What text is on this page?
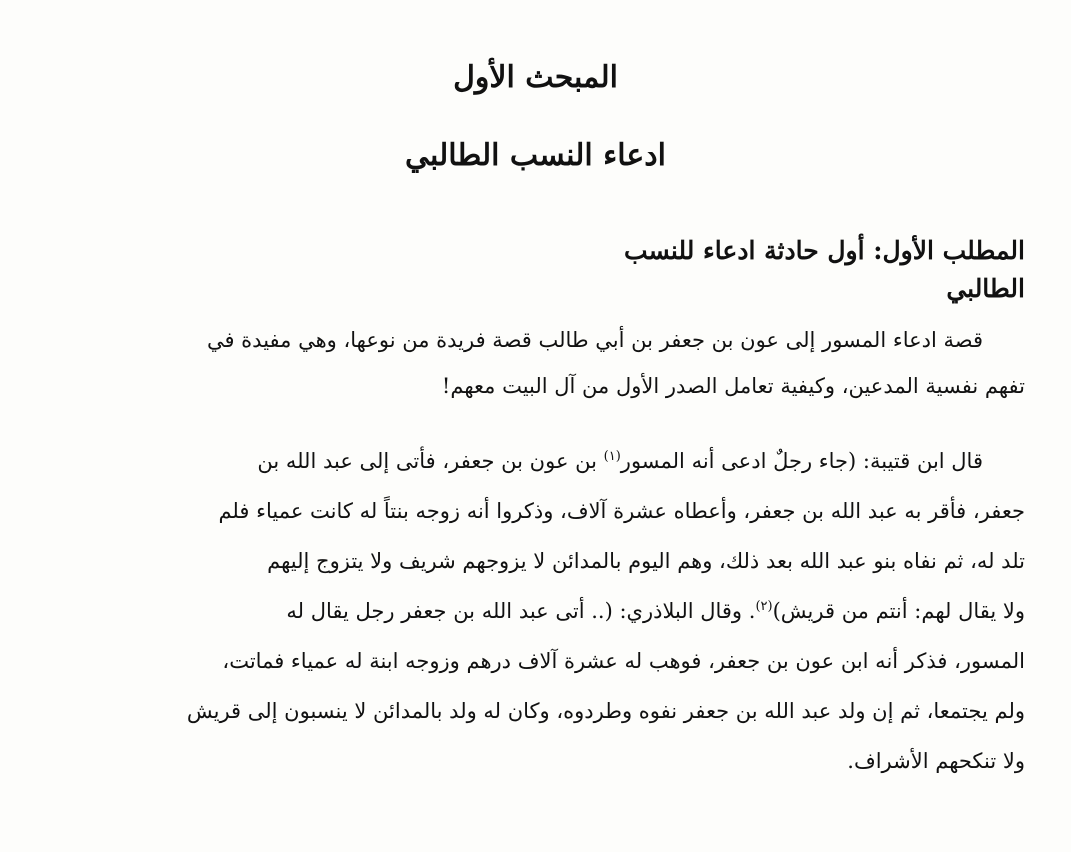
المبحث الأول
ادعاء النسب الطالبي
المطلب الأول: أول حادثة ادعاء للنسب
الطالبي
قصة ادعاء المسور إلى عون بن جعفر بن أبي طالب قصة فريدة من نوعها، وهي مفيدة في
تفهم نفسية المدعين، وكيفية تعامل الصدر الأول من آل البيت معهم!
قال ابن قتيبة: (جاء رجلٌ ادعى أنه المسور$^{(١)}$ بن عون بن جعفر، فأتى إلى عبد الله بن
جعفر، فأقر به عبد الله بن جعفر، وأعطاه عشرة آلاف، وذكروا أنه زوجه بنتاً له كانت عمياء فلم
تلد له، ثم نفاه بنو عبد الله بعد ذلك، وهم اليوم بالمدائن لا يزوجهم شريف ولا يتزوج إليهم
ولا يقال لهم: أنتم من قريش)$^{(٢)}$. وقال البلاذري: (.. أتى عبد الله بن جعفر رجل يقال له
المسور، فذكر أنه ابن عون بن جعفر، فوهب له عشرة آلاف درهم وزوجه ابنة له عمياء فماتت،
ولم يجتمعا، ثم إن ولد عبد الله بن جعفر نفوه وطردوه، وكان له ولد بالمدائن لا ينسبون إلى قريش
ولا تنكحهم الأشراف.
